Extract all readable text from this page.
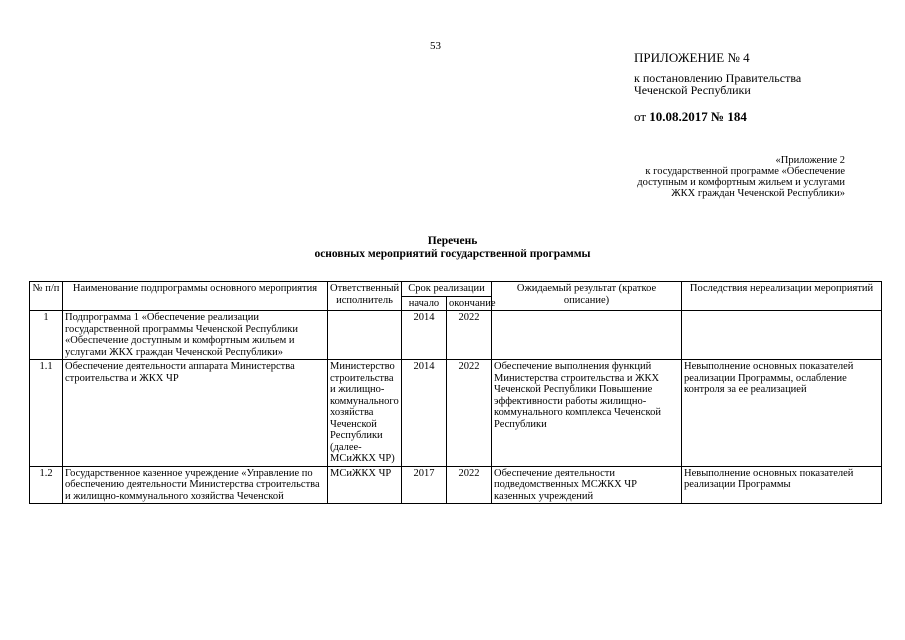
53
ПРИЛОЖЕНИЕ № 4
к постановлению Правительства
Чеченской Республики
от 10.08.2017 № 184
«Приложение 2
к государственной программе «Обеспечение
доступным и комфортным жильем и услугами
ЖКХ граждан Чеченской Республики»
Перечень
основных мероприятий государственной программы
№ п/п	Наименование подпрограммы основного мероприятия	Ответственный исполнитель	Срок реализации		Ожидаемый результат (краткое описание)	Последствия нереализации мероприятий
			начало	окончание		
1	Подпрограмма 1 «Обеспечение реализации государственной программы Чеченской Республики «Обеспечение доступным и комфортным жильем и услугами ЖКХ граждан Чеченской Республики»		2014	2022		
1.1	Обеспечение деятельности аппарата Министерства строительства и ЖКХ ЧР	Министерство строительства и жилищно-коммунального хозяйства Чеченской Республики (далее-МСиЖКХ ЧР)	2014	2022	Обеспечение выполнения функций Министерства строительства и ЖКХ Чеченской Республики Повышение эффективности работы жилищно-коммунального комплекса Чеченской Республики	Невыполнение основных показателей реализации Программы, ослабление контроля за ее реализацией
1.2	Государственное казенное учреждение «Управление по обеспечению деятельности Министерства строительства и жилищно-коммунального хозяйства Чеченской	МСиЖКХ ЧР	2017	2022	Обеспечение деятельности подведомственных МСЖКХ ЧР казенных учреждений	Невыполнение основных показателей реализации Программы
